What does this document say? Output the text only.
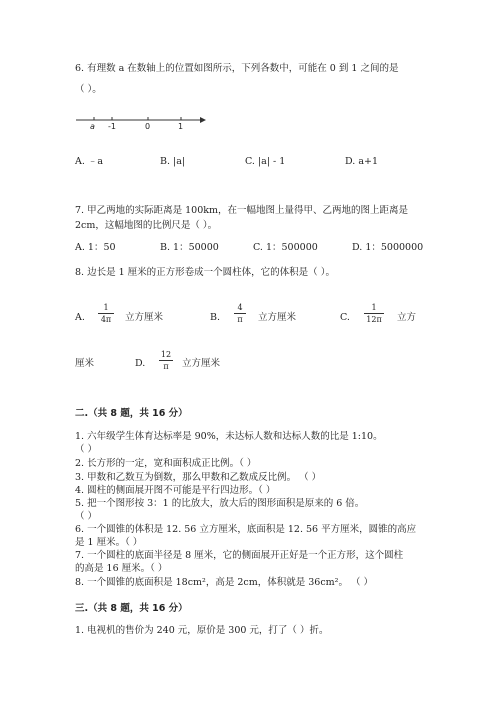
6. 有理数 a 在数轴上的位置如图所示，下列各数中，可能在 0 到 1 之间的是
（ ）。
a -1	0	1
A. ﹣a	B. |a|	C. |a| - 1	D. a+1
7. 甲乙两地的实际距离是 100km，在一幅地图上量得甲、乙两地的图上距离是
2cm，这幅地图的比例尺是（ ）。
A. 1：50	B. 1：50000	C. 1：500000	D. 1：5000000
8. 边长是 1 厘米的正方形卷成一个圆柱体，它的体积是（ ）。
A.
1
4π 立方厘米	B.
4
π	立方厘米	C.
1
12π 立方
厘米	D.
12
π	立方厘米
二.（共 8 题，共 16 分）
1. 六年级学生体育达标率是 90%，未达标人数和达标人数的比是 1:10。
（ ）
2. 长方形的一定，宽和面积成正比例。（ ）
3. 甲数和乙数互为倒数，那么甲数和乙数成反比例。 （ ）
4. 圆柱的侧面展开图不可能是平行四边形。（ ）
5. 把一个图形按 3：1 的比放大，放大后的图形面积是原来的 6 倍。
（ ）
6. 一个圆锥的体积是 12. 56 立方厘米，底面积是 12. 56 平方厘米，圆锥的高应
是 1 厘米。（ ）
7. 一个圆柱的底面半径是 8 厘米，它的侧面展开正好是一个正方形，这个圆柱
的高是 16 厘米。（ ）
8. 一个圆锥的底面积是 18cm²，高是 2cm，体积就是 36cm²。 （ ）
三.（共 8 题，共 16 分）
1. 电视机的售价为 240 元，原价是 300 元，打了（ ）折。
